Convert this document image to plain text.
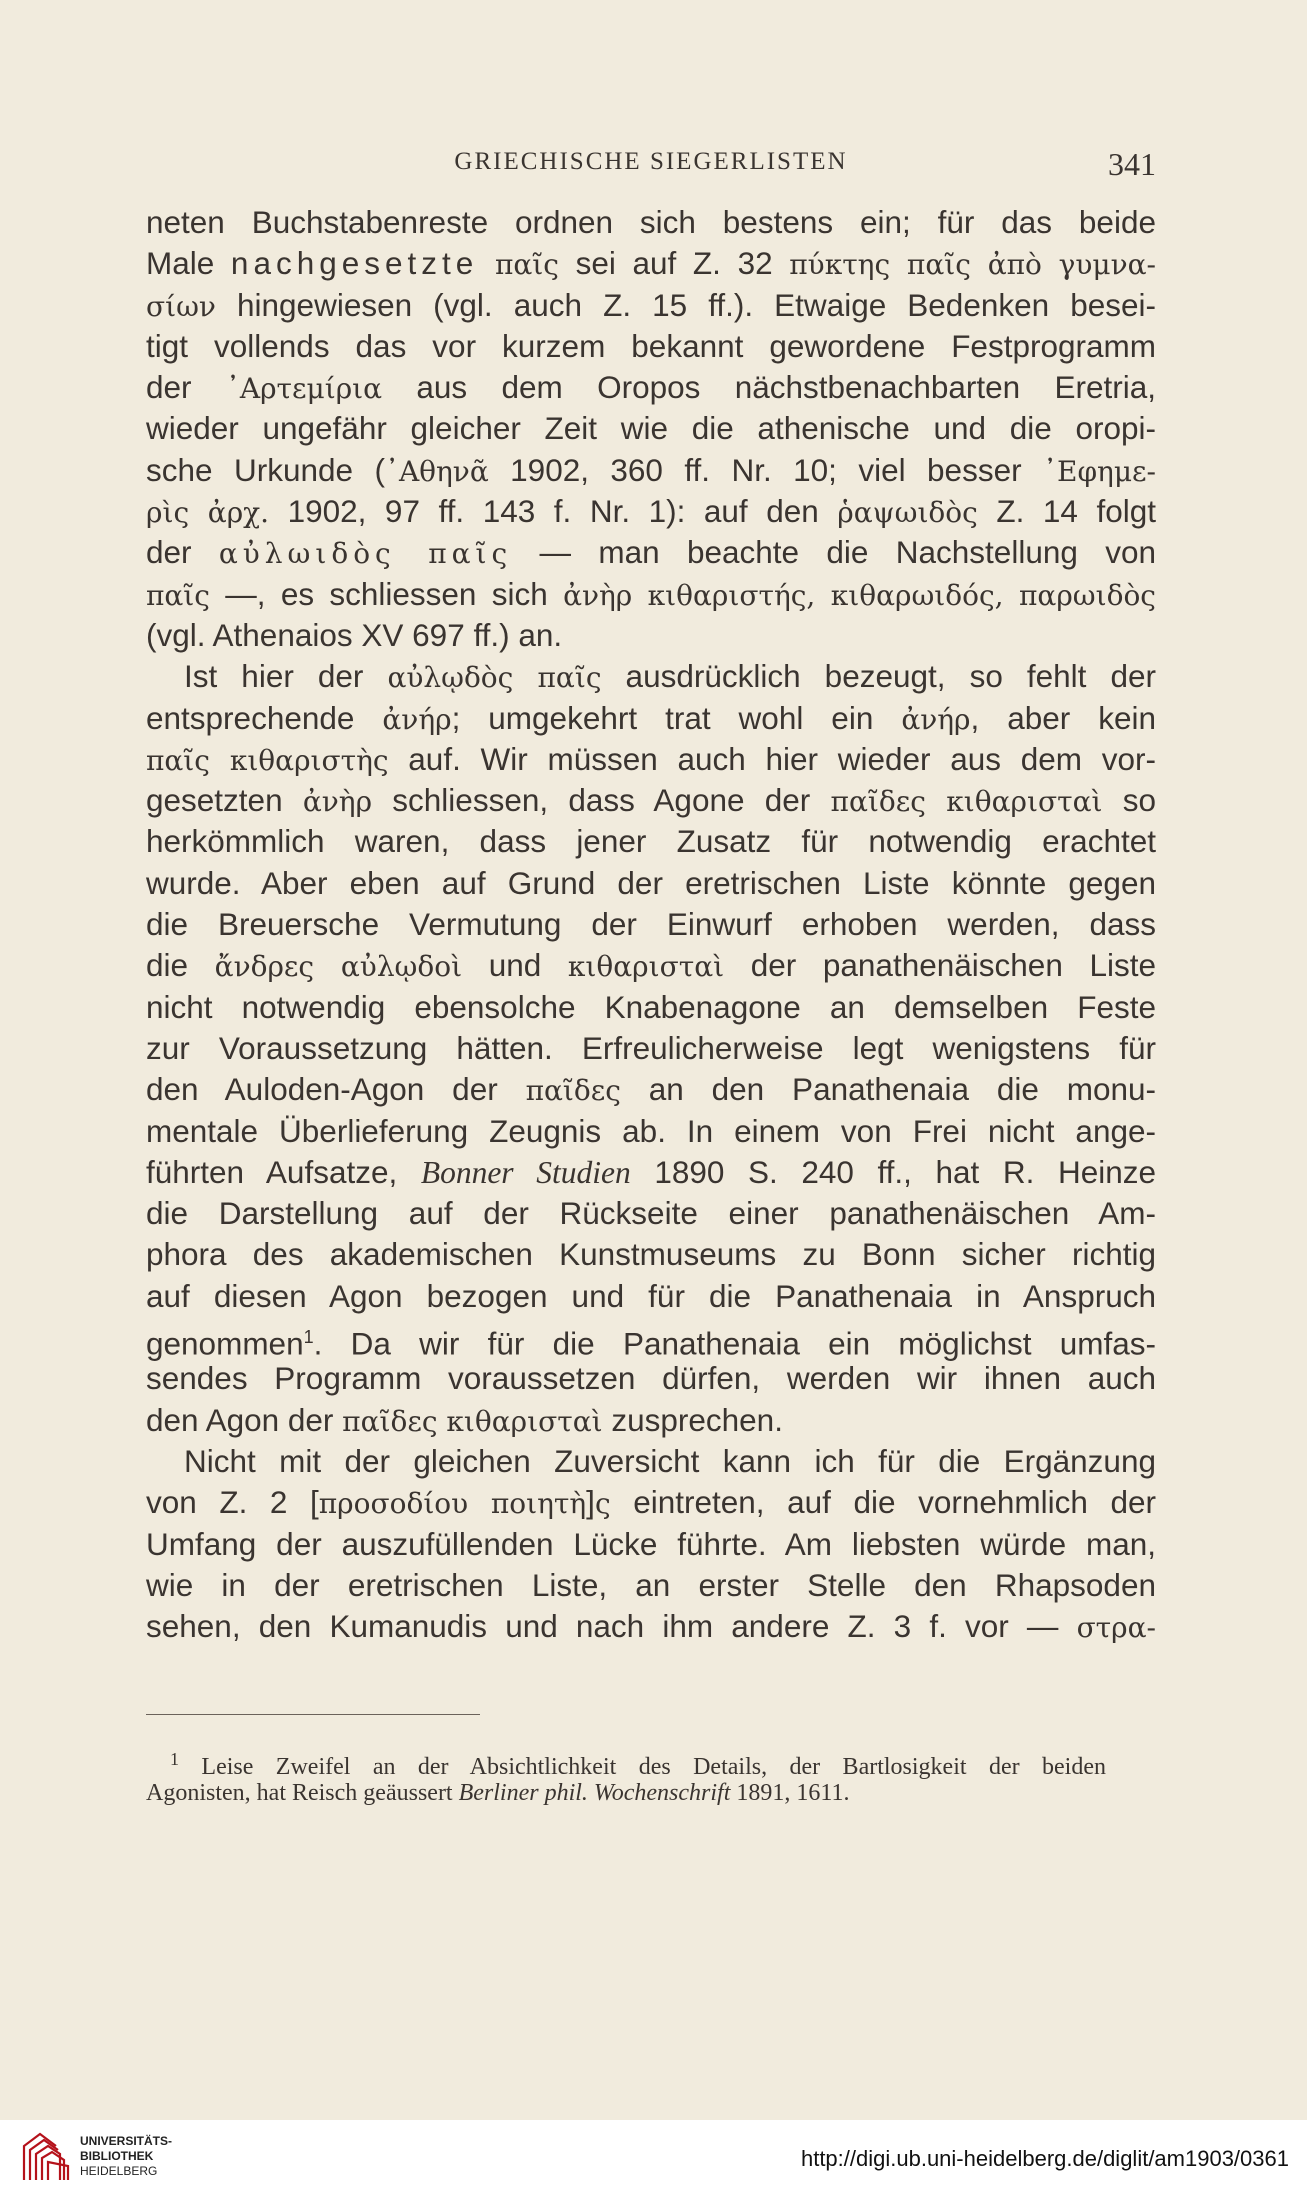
GRIECHISCHE SIEGERLISTEN	341
neten Buchstabenreste ordnen sich bestens ein; für das beide
Male nachgesetzte παῖς sei auf Z. 32 πύκτης παῖς ἀπὸ γυμνα-
σίων hingewiesen (vgl. auch Z. 15 ff.). Etwaige Bedenken besei-
tigt vollends das vor kurzem bekannt gewordene Festprogramm
der ᾿Αρτεμίρια aus dem Oropos nächstbenachbarten Eretria,
wieder ungefähr gleicher Zeit wie die athenische und die oropi-
sche Urkunde (᾿Αθηνᾶ 1902, 360 ff. Nr. 10; viel besser ᾿Εφημε-
ρὶς ἀρχ. 1902, 97 ff. 143 f. Nr. 1): auf den ῥαψωιδὸς Z. 14 folgt
der αὐλωιδὸς παῖς — man beachte die Nachstellung von
παῖς —, es schliessen sich ἀνὴρ κιθαριστής, κιθαρωιδός, παρωιδὸς
(vgl. Athenaios XV 697 ff.) an.
Ist hier der αὐλῳδὸς παῖς ausdrücklich bezeugt, so fehlt der
entsprechende ἀνήρ; umgekehrt trat wohl ein ἀνήρ, aber kein
παῖς κιθαριστὴς auf. Wir müssen auch hier wieder aus dem vor-
gesetzten ἀνὴρ schliessen, dass Agone der παῖδες κιθαρισταὶ so
herkömmlich waren, dass jener Zusatz für notwendig erachtet
wurde. Aber eben auf Grund der eretrischen Liste könnte gegen
die Breuersche Vermutung der Einwurf erhoben werden, dass
die ἄνδρες αὐλῳδοὶ und κιθαρισταὶ der panathenäischen Liste
nicht notwendig ebensolche Knabenagone an demselben Feste
zur Voraussetzung hätten. Erfreulicherweise legt wenigstens für
den Auloden-Agon der παῖδες an den Panathenaia die monu-
mentale Überlieferung Zeugnis ab. In einem von Frei nicht ange-
führten Aufsatze, Bonner Studien 1890 S. 240 ff., hat R. Heinze
die Darstellung auf der Rückseite einer panathenäischen Am-
phora des akademischen Kunstmuseums zu Bonn sicher richtig
auf diesen Agon bezogen und für die Panathenaia in Anspruch
genommen$^1$. Da wir für die Panathenaia ein möglichst umfas-
sendes Programm voraussetzen dürfen, werden wir ihnen auch
den Agon der παῖδες κιθαρισταὶ zusprechen.
Nicht mit der gleichen Zuversicht kann ich für die Ergänzung
von Z. 2 [προσοδίου ποιητὴ]ς eintreten, auf die vornehmlich der
Umfang der auszufüllenden Lücke führte. Am liebsten würde man,
wie in der eretrischen Liste, an erster Stelle den Rhapsoden
sehen, den Kumanudis und nach ihm andere Z. 3 f. vor — στρα-
$^1$ Leise Zweifel an der Absichtlichkeit des Details, der Bartlosigkeit der beiden
Agonisten, hat Reisch geäussert Berliner phil. Wochenschrift 1891, 1611.
UNIVERSITÄTS-
BIBLIOTHEK
HEIDELBERG	http://digi.ub.uni-heidelberg.de/diglit/am1903/0361
